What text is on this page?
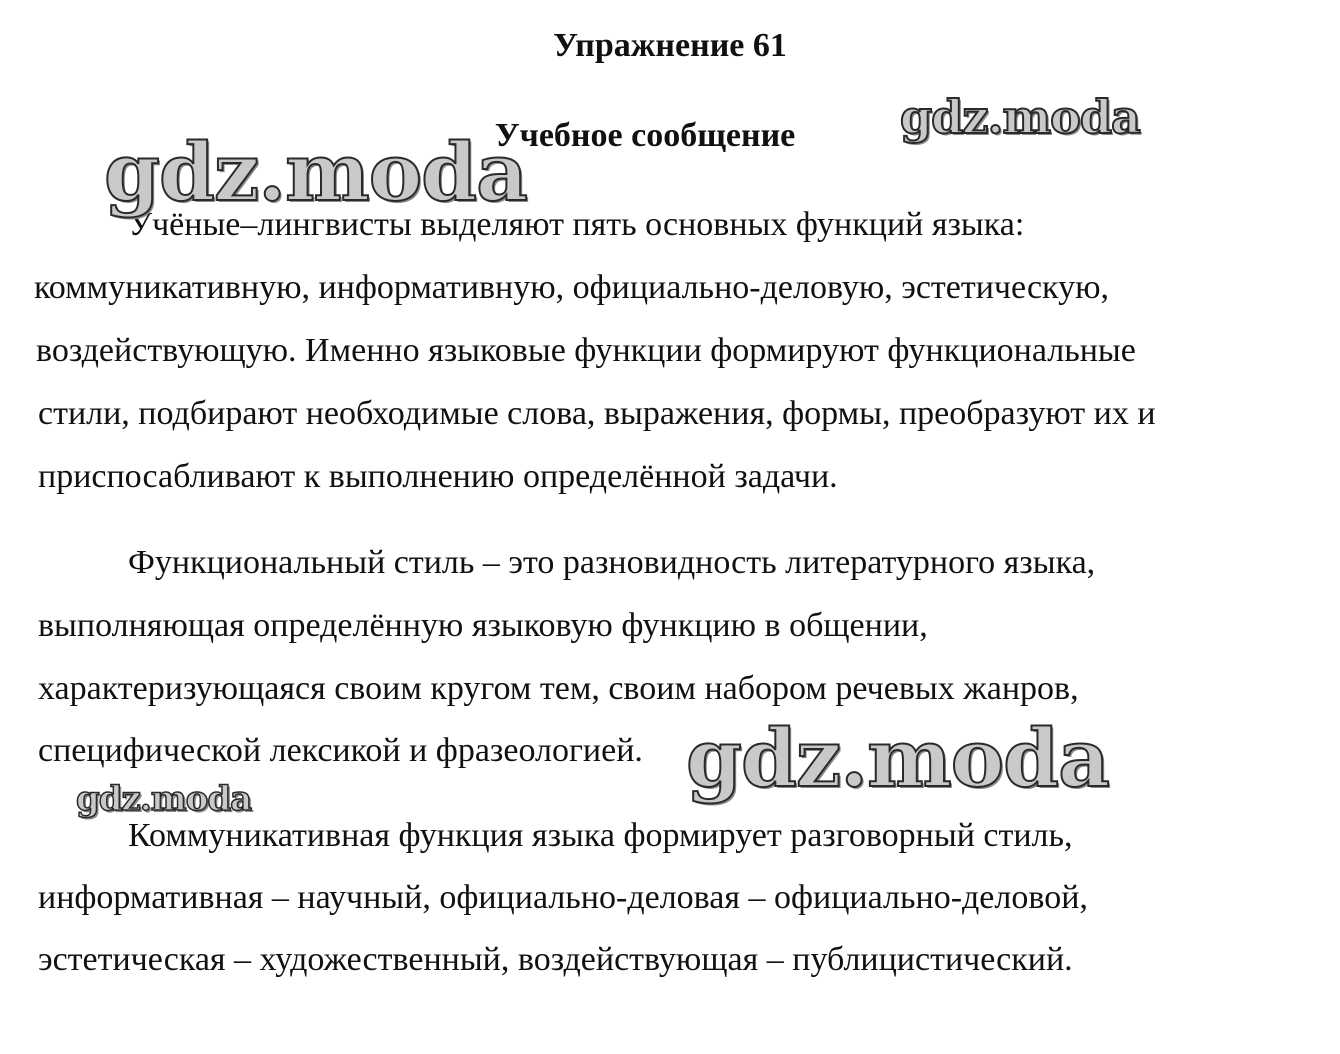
Упражнение 61
Учебное сообщение
Учёные–лингвисты выделяют пять основных функций языка:
коммуникативную, информативную, официально-деловую, эстетическую,
воздействующую. Именно языковые функции формируют функциональные
стили, подбирают необходимые слова, выражения, формы, преобразуют их и
приспосабливают к выполнению определённой задачи.
Функциональный стиль – это разновидность литературного языка,
выполняющая определённую языковую функцию в общении,
характеризующаяся своим кругом тем, своим набором речевых жанров,
специфической лексикой и фразеологией.
Коммуникативная функция языка формирует разговорный стиль,
информативная – научный, официально-деловая – официально-деловой,
эстетическая – художественный, воздействующая – публицистический.
gdz.moda
gdz.moda
gdz.moda
gdz.moda
